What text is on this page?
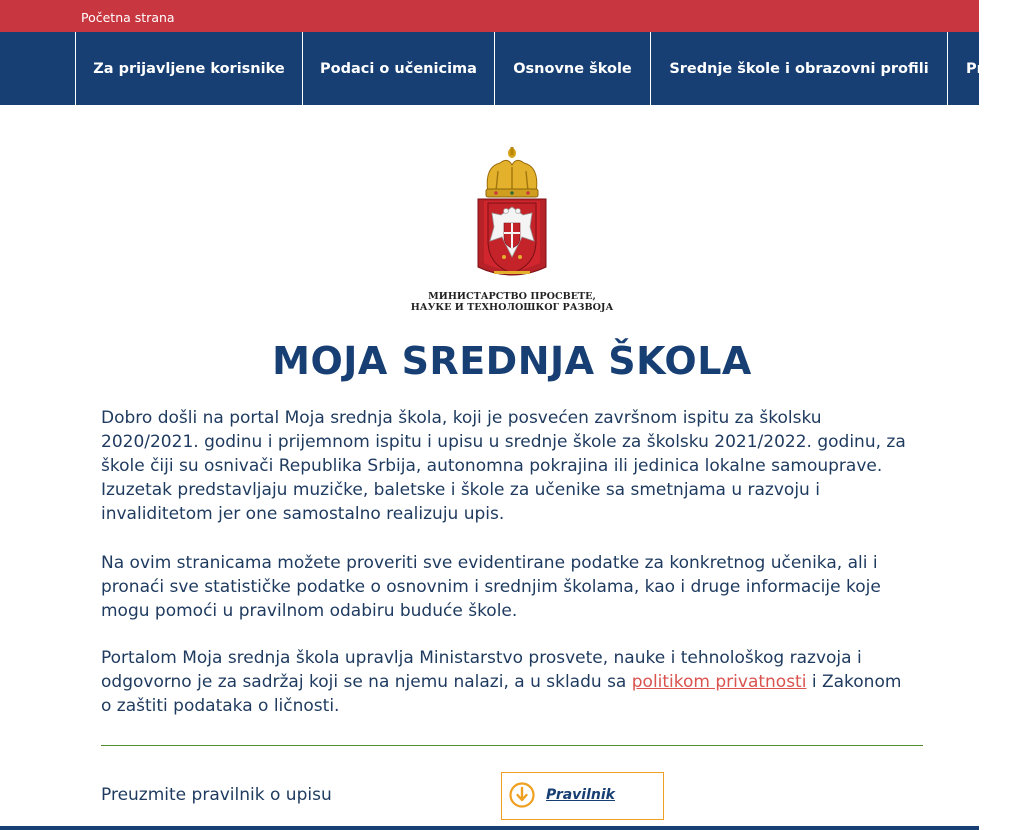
Početna strana
Za prijavljene korisnike	Podaci o učenicima	Osnovne škole	Srednje škole i obrazovni profili	Pr
МИНИСТАРСТВО ПРОСВЕТЕ,
НАУКЕ И ТЕХНОЛОШКОГ РАЗВОЈА
MOJA SREDNJA ŠKOLA

Dobro došli na portal Moja srednja škola, koji je posvećen završnom ispitu za školsku 2020/2021. godinu i prijemnom ispitu i upisu u srednje škole za školsku 2021/2022. godinu, za škole čiji su osnivači Republika Srbija, autonomna pokrajina ili jedinica lokalne samouprave. Izuzetak predstavljaju muzičke, baletske i škole za učenike sa smetnjama u razvoju i invaliditetom jer one samostalno realizuju upis.

Na ovim stranicama možete proveriti sve evidentirane podatke za konkretnog učenika, ali i pronaći sve statističke podatke o osnovnim i srednjim školama, kao i druge informacije koje mogu pomoći u pravilnom odabiru buduće škole.

Portalom Moja srednja škola upravlja Ministarstvo prosvete, nauke i tehnološkog razvoja i odgovorno je za sadržaj koji se na njemu nalazi, a u skladu sa politikom privatnosti i Zakonom o zaštiti podataka o ličnosti.

Preuzmite pravilnik o upisu	Pravilnik
